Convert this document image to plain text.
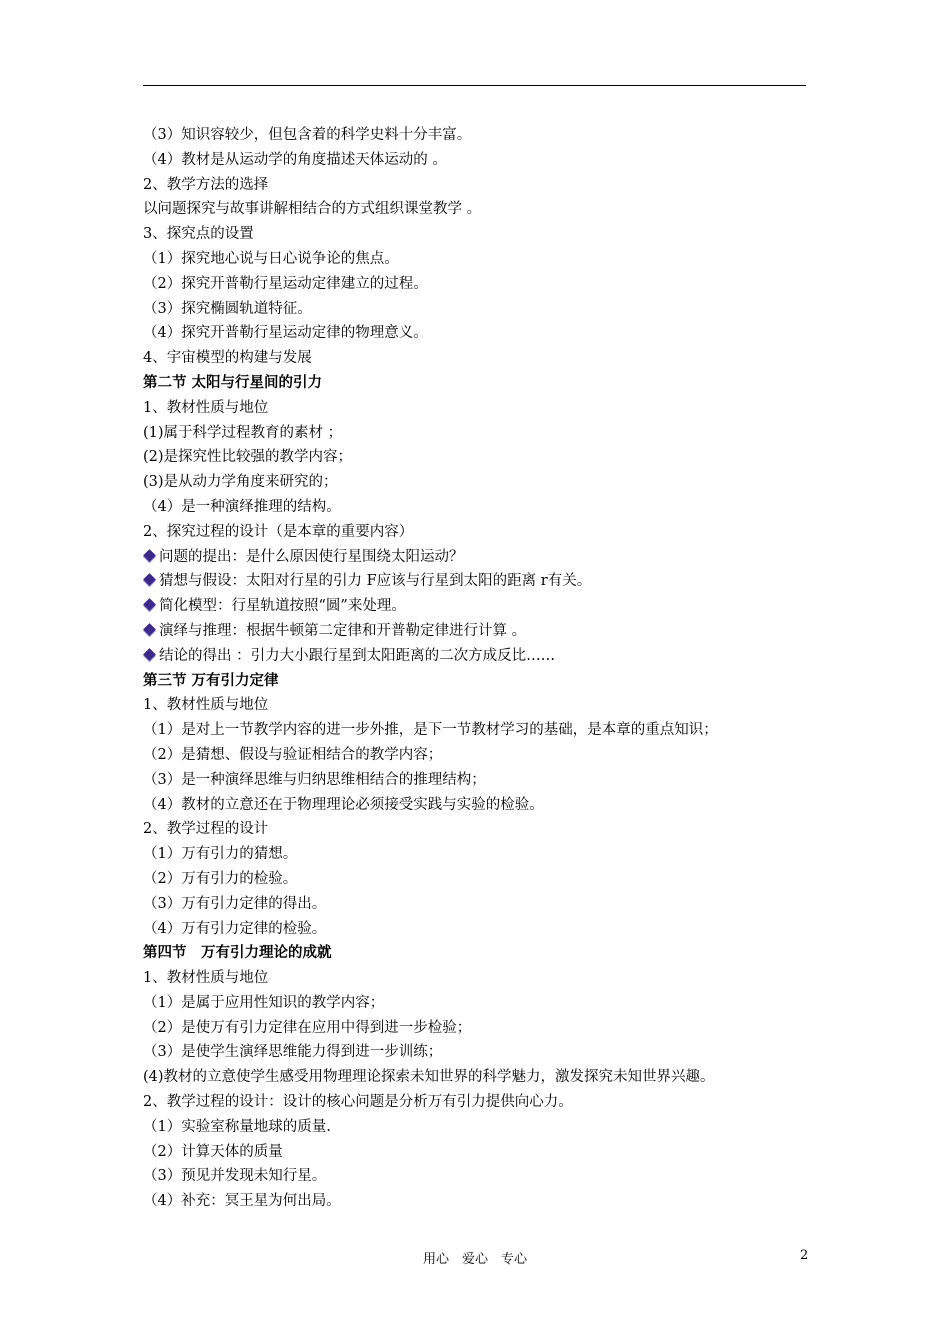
（3）知识容较少，但包含着的科学史料十分丰富。
（4）教材是从运动学的角度描述天体运动的 。
2、教学方法的选择
以问题探究与故事讲解相结合的方式组织课堂教学 。
3、探究点的设置
（1）探究地心说与日心说争论的焦点。
（2）探究开普勒行星运动定律建立的过程。
（3）探究椭圆轨道特征。
（4）探究开普勒行星运动定律的物理意义。
4、宇宙模型的构建与发展
第二节 太阳与行星间的引力
1、教材性质与地位
(1)属于科学过程教育的素材 ；
(2)是探究性比较强的教学内容；
(3)是从动力学角度来研究的；
（4）是一种演绎推理的结构。
2、探究过程的设计（是本章的重要内容）
问题的提出：是什么原因使行星围绕太阳运动？
猜想与假设：太阳对行星的引力 F应该与行星到太阳的距离 r有关。
简化模型：行星轨道按照“圆”来处理。
演绎与推理：根据牛顿第二定律和开普勒定律进行计算 。
结论的得出 ：引力大小跟行星到太阳距离的二次方成反比……
第三节 万有引力定律
1、教材性质与地位
（1）是对上一节教学内容的进一步外推，是下一节教材学习的基础，是本章的重点知识；
（2）是猜想、假设与验证相结合的教学内容；
（3）是一种演绎思维与归纳思维相结合的推理结构；
（4）教材的立意还在于物理理论必须接受实践与实验的检验。
2、教学过程的设计
（1）万有引力的猜想。
（2）万有引力的检验。
（3）万有引力定律的得出。
（4）万有引力定律的检验。
第四节　万有引力理论的成就
1、教材性质与地位
（1）是属于应用性知识的教学内容；
（2）是使万有引力定律在应用中得到进一步检验；
（3）是使学生演绎思维能力得到进一步训练；
(4)教材的立意使学生感受用物理理论探索未知世界的科学魅力，激发探究未知世界兴趣。
2、教学过程的设计：设计的核心问题是分析万有引力提供向心力。
（1）实验室称量地球的质量.
（2）计算天体的质量
（3）预见并发现未知行星。
（4）补充：冥王星为何出局。
用心　爱心　专心	2
